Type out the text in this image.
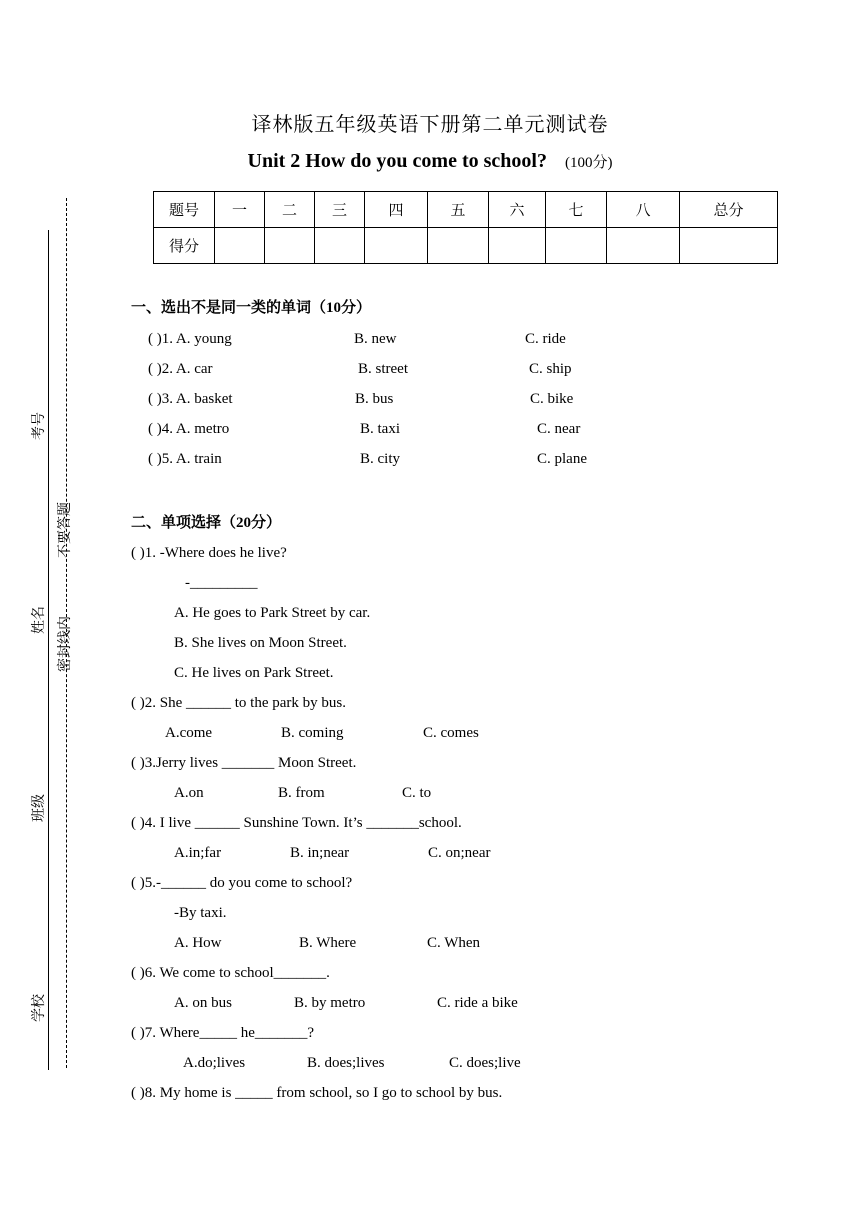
考号
不要答题
姓名 密封线内
班级
学校
译林版五年级英语下册第二单元测试卷
Unit 2 How do you come to school? (100分)
题号	一	二	三	四	五	六	七	八	总分
得分									
一、选出不是同一类的单词（10分）
( )1. A. young	B. new	C. ride
( )2. A. car	B. street	C. ship
( )3. A. basket	B. bus	C. bike
( )4. A. metro	B. taxi	C. near
( )5. A. train	B. city	C. plane
二、单项选择（20分）
( )1. -Where does he live?
-_________
A. He goes to Park Street by car.
B. She lives on Moon Street.
C. He lives on Park Street.
( )2. She ______ to the park by bus.
A.come	B. coming	C. comes
( )3.Jerry lives _______ Moon Street.
A.on	B. from	C. to
( )4. I live ______ Sunshine Town. It’s _______school.
A.in;far	B. in;near	C. on;near
( )5.-______ do you come to school?
-By taxi.
A. How	B. Where	C. When
( )6. We come to school_______.
A. on bus	B. by metro	C. ride a bike
( )7. Where_____ he_______?
A.do;lives	B. does;lives	C. does;live
( )8. My home is _____ from school, so I go to school by bus.
